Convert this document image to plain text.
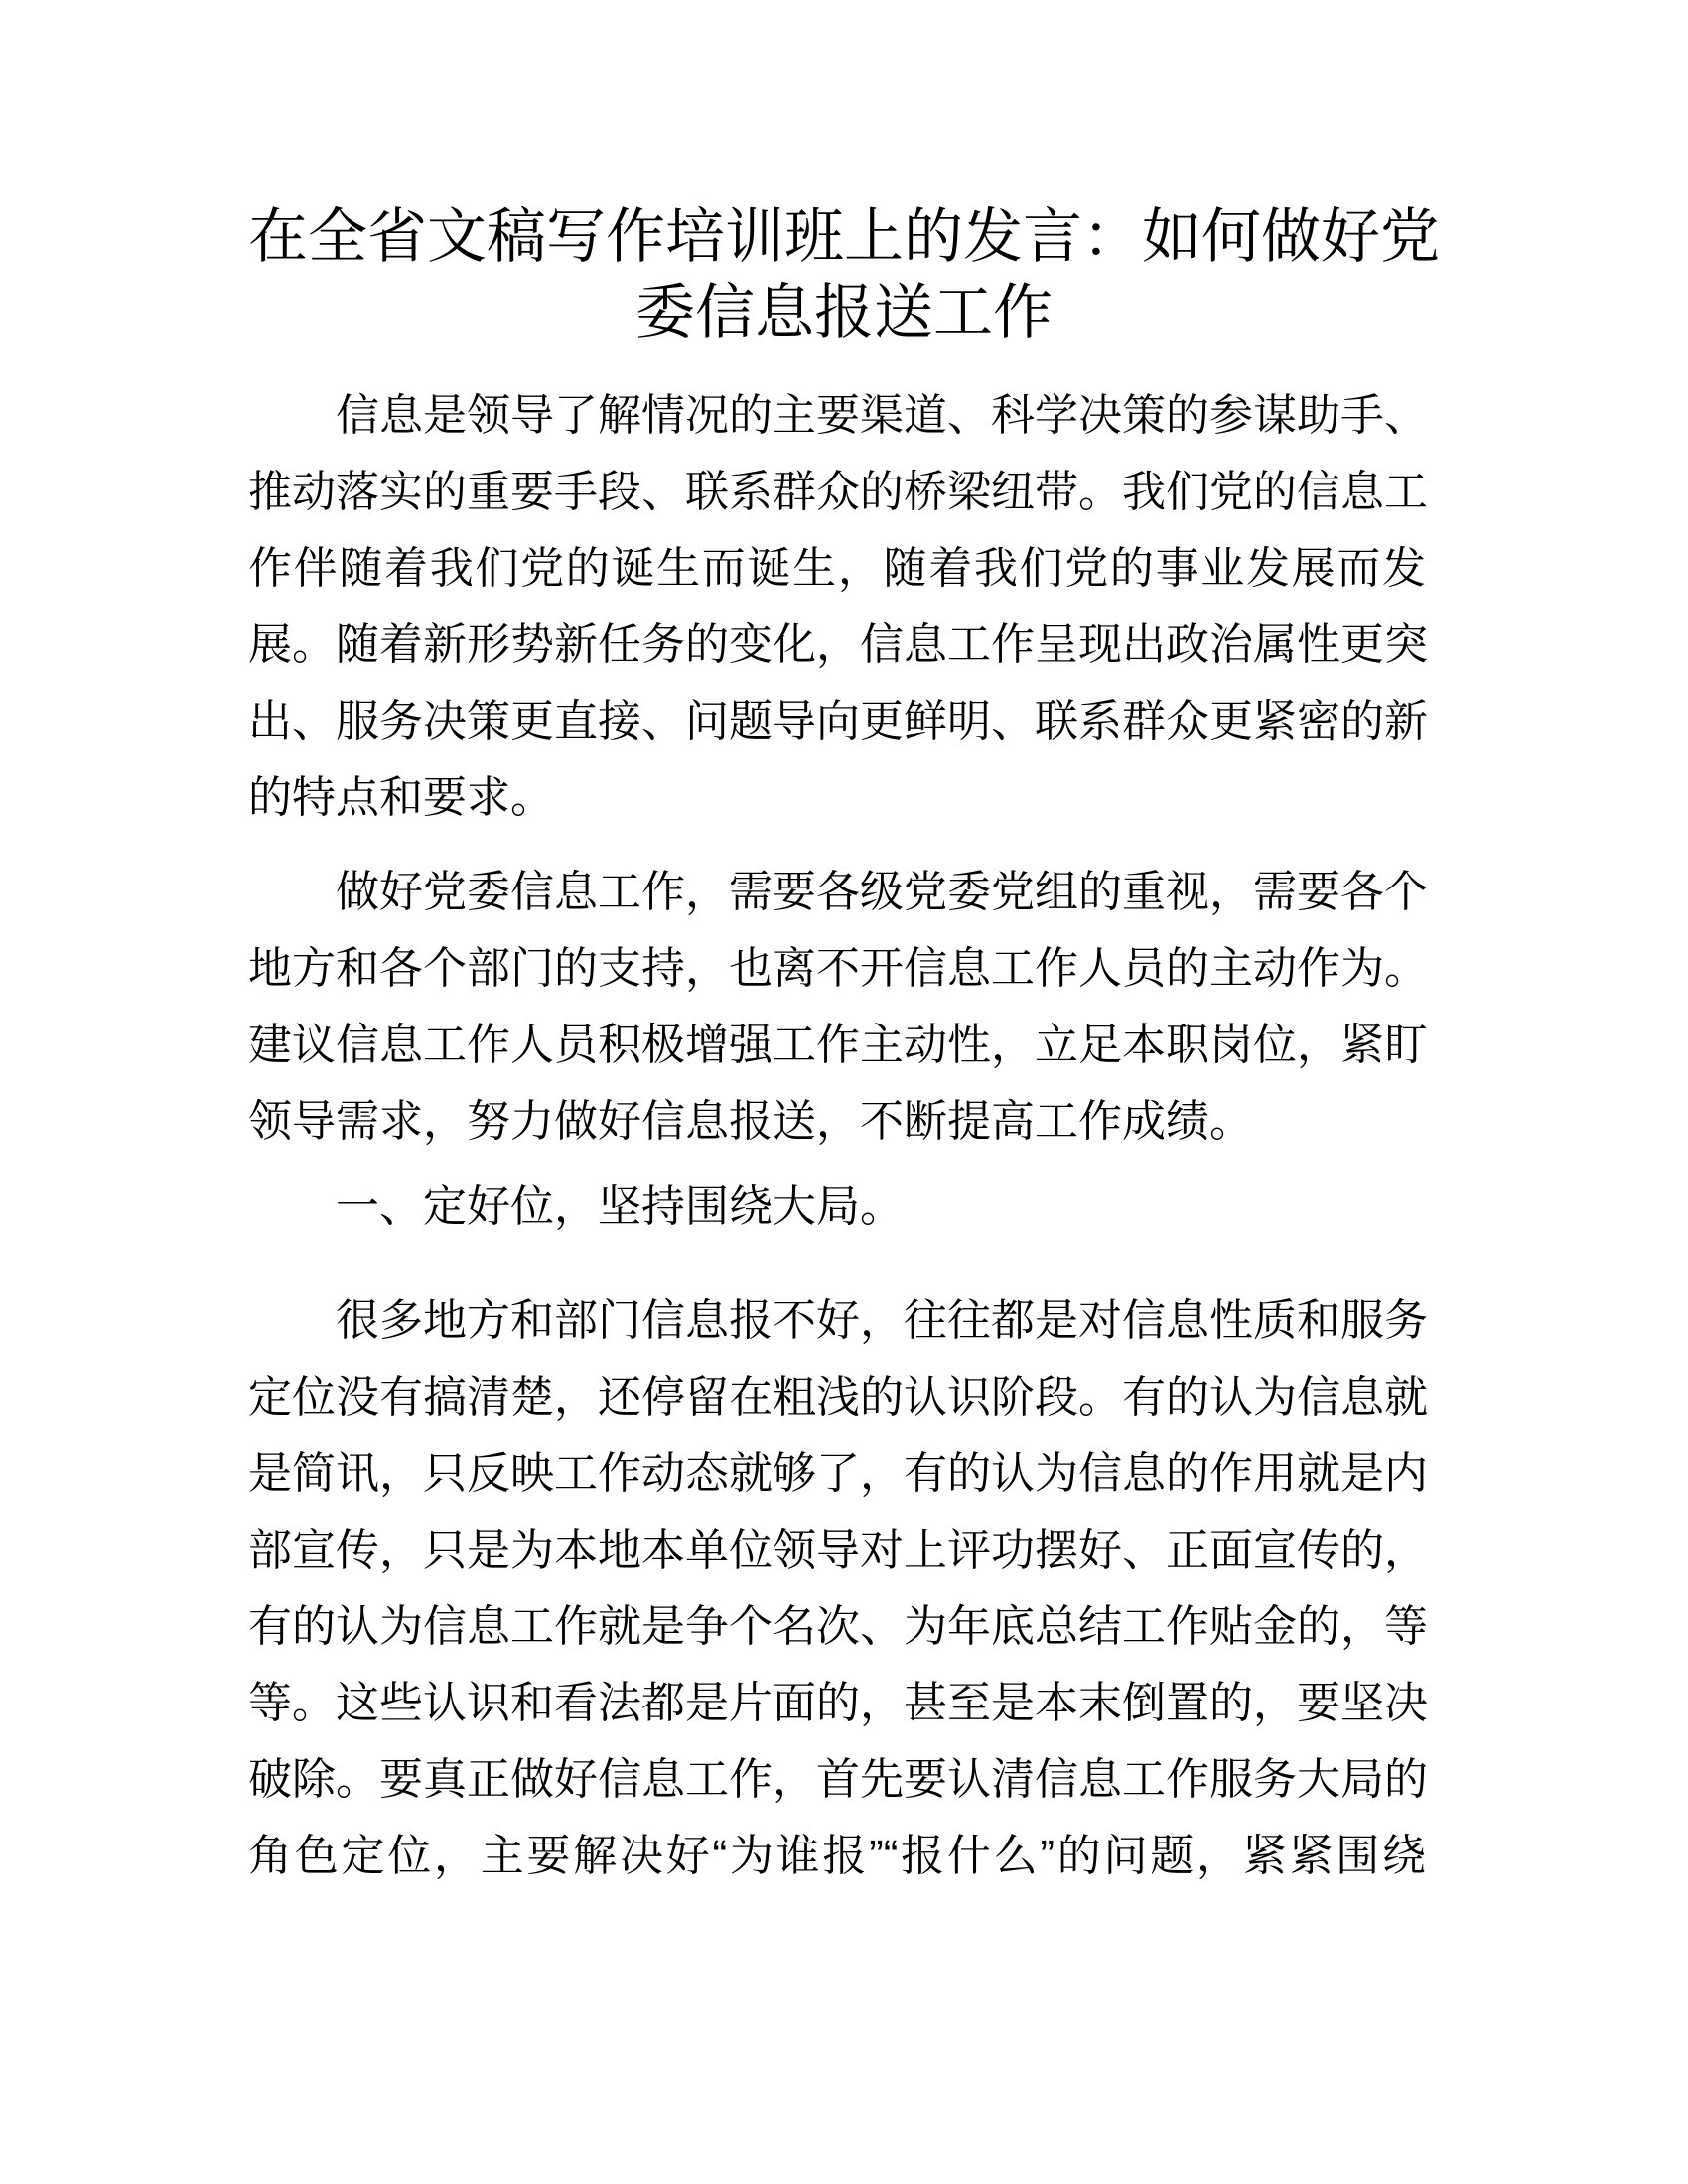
在全省文稿写作培训班上的发言：如何做好党
委信息报送工作
信息是领导了解情况的主要渠道、科学决策的参谋助手、
推动落实的重要手段、联系群众的桥梁纽带。我们党的信息工
作伴随着我们党的诞生而诞生，随着我们党的事业发展而发
展。随着新形势新任务的变化，信息工作呈现出政治属性更突
出、服务决策更直接、问题导向更鲜明、联系群众更紧密的新
的特点和要求。
做好党委信息工作，需要各级党委党组的重视，需要各个
地方和各个部门的支持，也离不开信息工作人员的主动作为。
建议信息工作人员积极增强工作主动性，立足本职岗位，紧盯
领导需求，努力做好信息报送，不断提高工作成绩。
一、定好位，坚持围绕大局。
很多地方和部门信息报不好，往往都是对信息性质和服务
定位没有搞清楚，还停留在粗浅的认识阶段。有的认为信息就
是简讯，只反映工作动态就够了，有的认为信息的作用就是内
部宣传，只是为本地本单位领导对上评功摆好、正面宣传的，
有的认为信息工作就是争个名次、为年底总结工作贴金的，等
等。这些认识和看法都是片面的，甚至是本末倒置的，要坚决
破除。要真正做好信息工作，首先要认清信息工作服务大局的
角色定位，主要解决好“为谁报”“报什么”的问题，紧紧围绕
